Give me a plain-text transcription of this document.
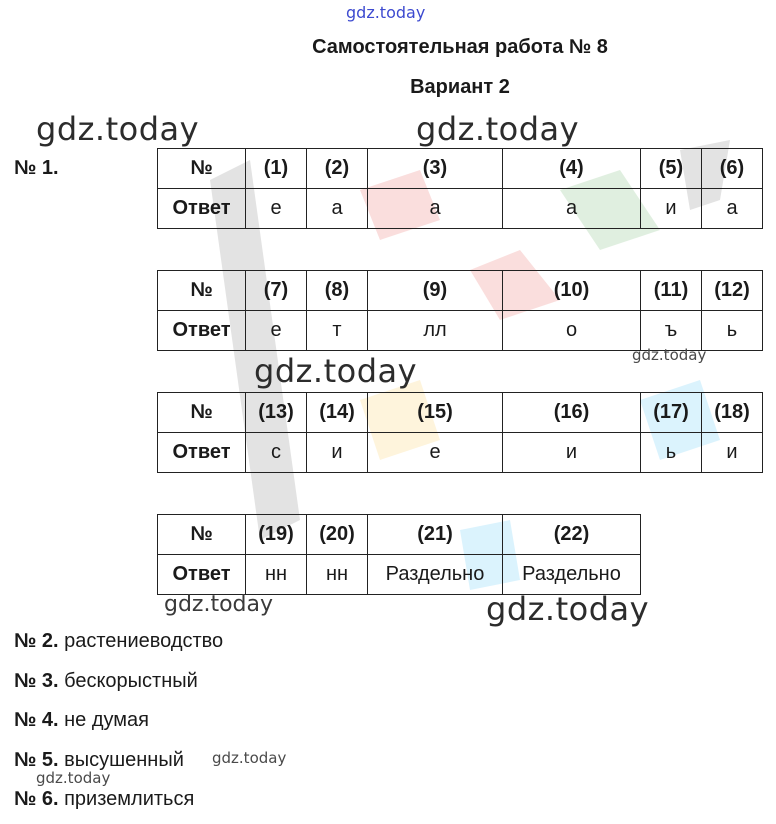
gdz.today
Самостоятельная работа № 8
Вариант 2
gdz.today	gdz.today
№ 1.	№	(1)	(2)	(3)	(4)	(5)	(6)
Ответ	е	а	а	а	и	а
№	(7)	(8)	(9)	(10)	(11)	(12)
Ответ	е	т	лл	о	ъ	ь
gdz.today
gdz.today
№	(13)	(14)	(15)	(16)	(17)	(18)
Ответ	с	и	е	и	ь	и
№	(19)	(20)	(21)	(22)
Ответ	нн	нн	Раздельно	Раздельно
gdz.today	gdz.today
№ 2. растениеводство
№ 3. бескорыстный
№ 4. не думая
№ 5. высушенный gdz.today
gdz.today
№ 6. приземлиться
